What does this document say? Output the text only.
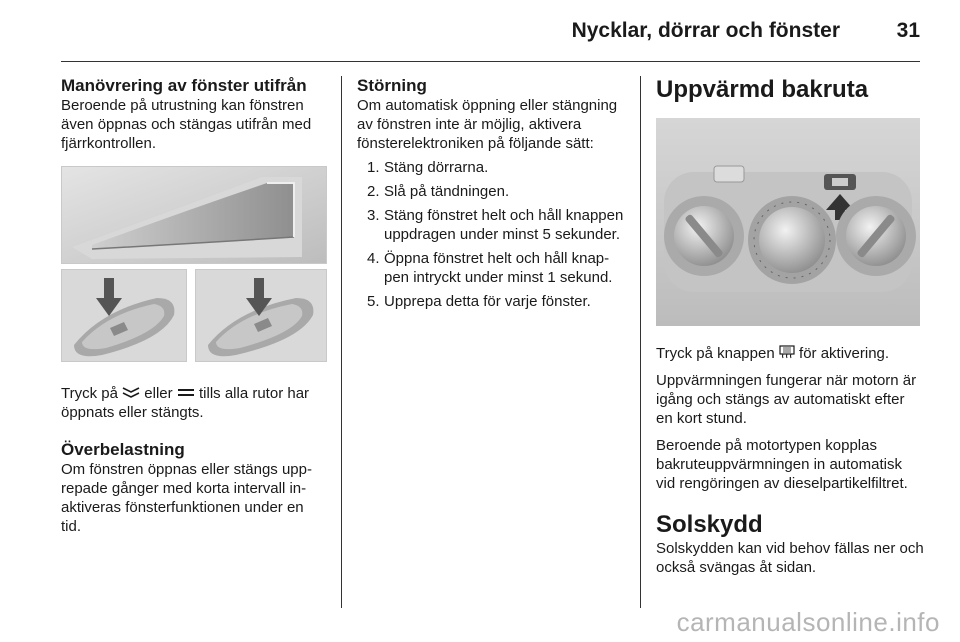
Nycklar, dörrar och fönster	31
Manövrering av fönster utifrån

Beroende på utrustning kan fönstren även öppnas och stängas utifrån med fjärrkontrollen.

Tryck på eller tills alla rutor har öppnats eller stängts.

Överbelastning

Om fönstren öppnas eller stängs upprepade gånger med korta intervall inaktiveras fönsterfunktionen under en tid.

Störning

Om automatisk öppning eller stängning av fönstren inte är möjlig, aktivera fönsterelektroniken på följande sätt:

1. Stäng dörrarna.
2. Slå på tändningen.
3. Stäng fönstret helt och håll knappen uppdragen under minst 5 sekunder.
4. Öppna fönstret helt och håll knappen intryckt under minst 1 sekund.
5. Upprepa detta för varje fönster.
Uppvärmd bakruta

Tryck på knappen för aktivering.

Uppvärmningen fungerar när motorn är igång och stängs av automatiskt efter en kort stund.

Beroende på motortypen kopplas bakruteuppvärmningen in automatisk vid rengöringen av dieselpartikelfiltret.

Solskydd

Solskydden kan vid behov fällas ner och också svängas åt sidan.

carmanualsonline.info
